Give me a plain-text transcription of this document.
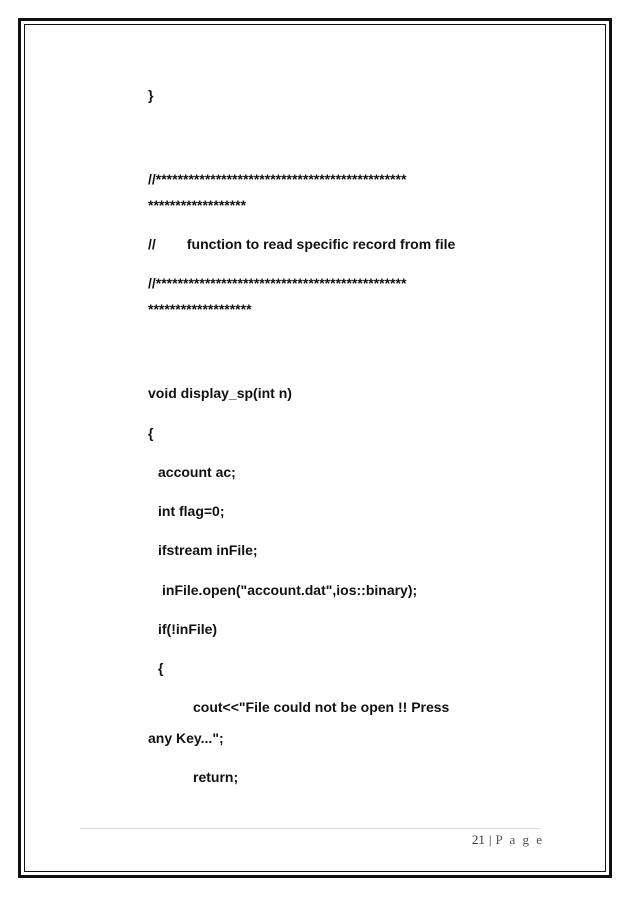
}
//**********************************************
******************
//        function to read specific record from file
//**********************************************
*******************
void display_sp(int n)
{
account ac;
int flag=0;
ifstream inFile;
inFile.open("account.dat",ios::binary);
if(!inFile)
{
cout<<"File could not be open !! Press
any Key...";
return;
21 | P a g e
